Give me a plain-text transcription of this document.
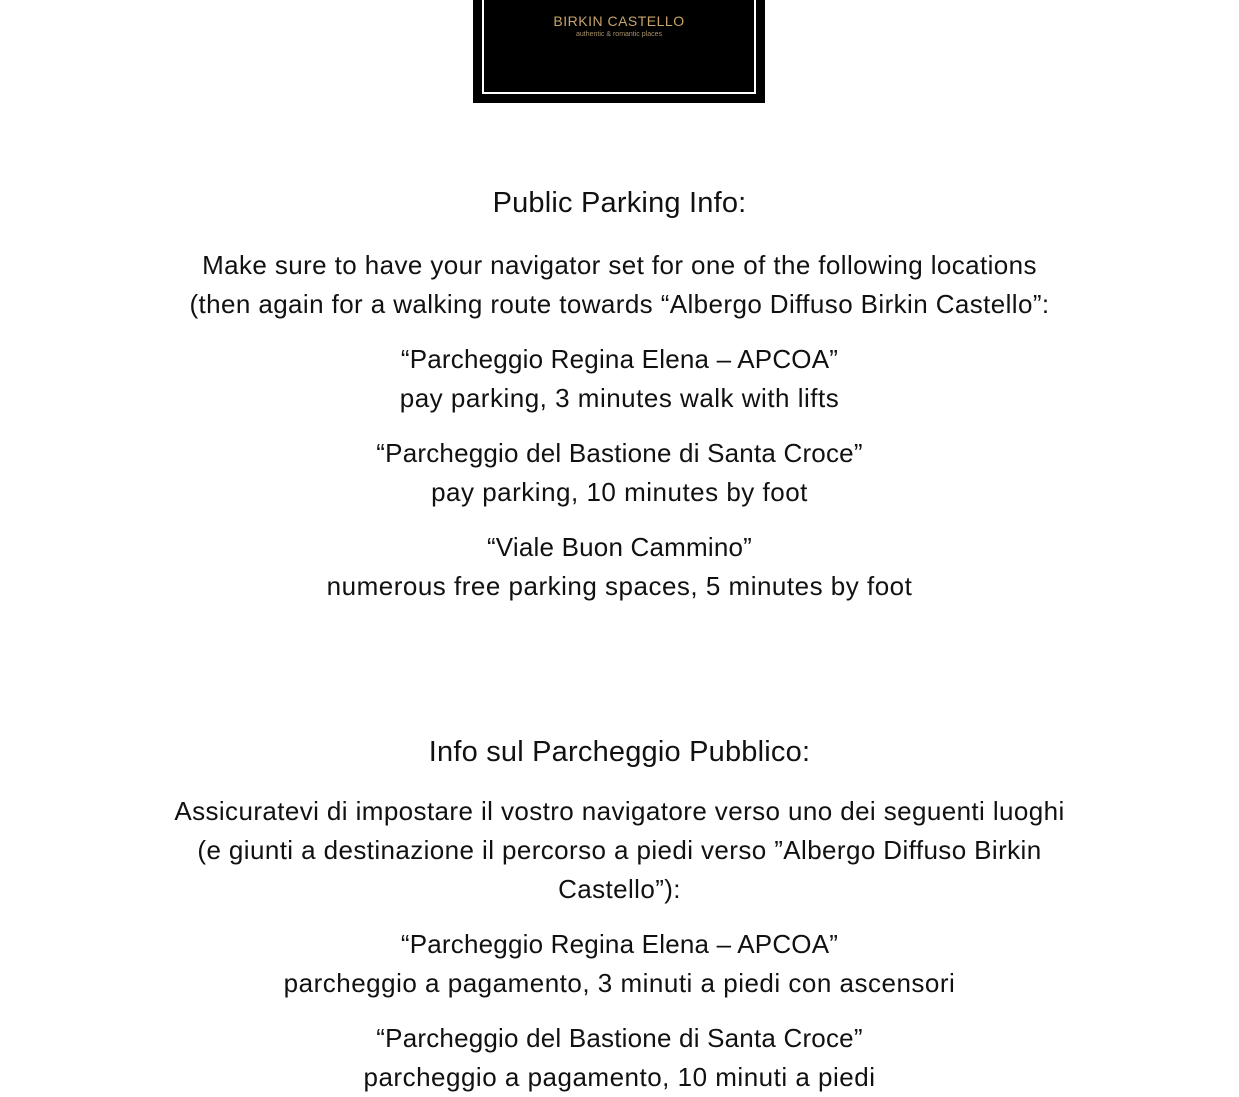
BIRKIN CASTELLO
authentic & romantic places
Public Parking Info:

Make sure to have your navigator set for one of the following locations

(then again for a walking route towards “Albergo Diffuso Birkin Castello”:

“Parcheggio Regina Elena – APCOA”

pay parking, 3 minutes walk with lifts

“Parcheggio del Bastione di Santa Croce”

pay parking, 10 minutes by foot

“Viale Buon Cammino”

numerous free parking spaces, 5 minutes by foot

Info sul Parcheggio Pubblico:

Assicuratevi di impostare il vostro navigatore verso uno dei seguenti luoghi

(e giunti a destinazione il percorso a piedi verso ”Albergo Diffuso Birkin

Castello”):

“Parcheggio Regina Elena – APCOA”

parcheggio a pagamento, 3 minuti a piedi con ascensori

“Parcheggio del Bastione di Santa Croce”

parcheggio a pagamento, 10 minuti a piedi
